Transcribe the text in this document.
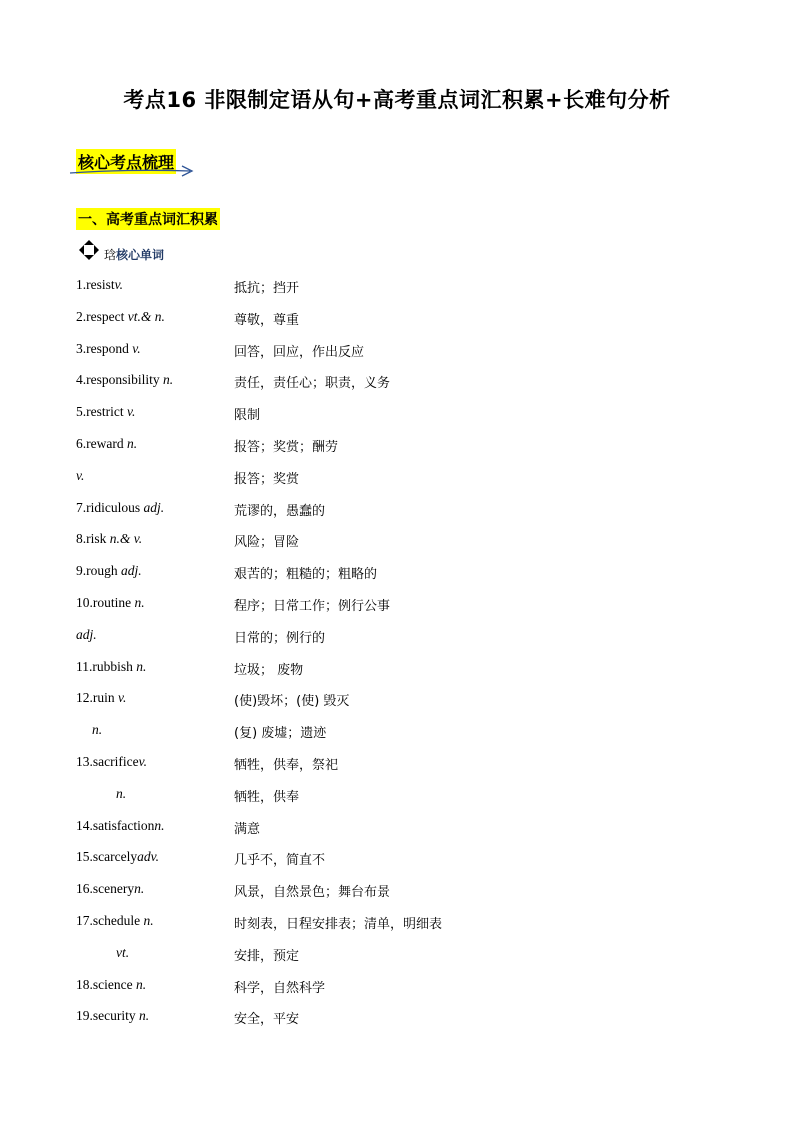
考点16 非限制定语从句+高考重点词汇积累+长难句分析
核心考点梳理
一、高考重点词汇积累
琀核心单词
1.resistv.	抵抗；挡开
2.respect vt.& n.	尊敬，尊重
3.respond v.	回答，回应，作出反应
4.responsibility n.	责任，责任心；职责，义务
5.restrict v.	限制
6.reward n.	报答；奖赏；酬劳
v.	报答；奖赏
7.ridiculous adj.	荒谬的，愚蠢的
8.risk n.& v.	风险；冒险
9.rough adj.	艰苦的；粗糙的；粗略的
10.routine n.	程序；日常工作；例行公事
adj.	日常的；例行的
11.rubbish n.	垃圾； 废物
12.ruin v.	(使)毁坏；(使) 毁灭
n.	(复) 废墟；遗迹
13.sacrificev.	牺牲，供奉，祭祀
n.	牺牲，供奉
14.satisfactionn.	满意
15.scarcelyadv.	几乎不，简直不
16.sceneryn.	风景，自然景色；舞台布景
17.schedule n.	时刻表，日程安排表；清单，明细表
vt.	安排，预定
18.science n.	科学，自然科学
19.security n.	安全，平安
